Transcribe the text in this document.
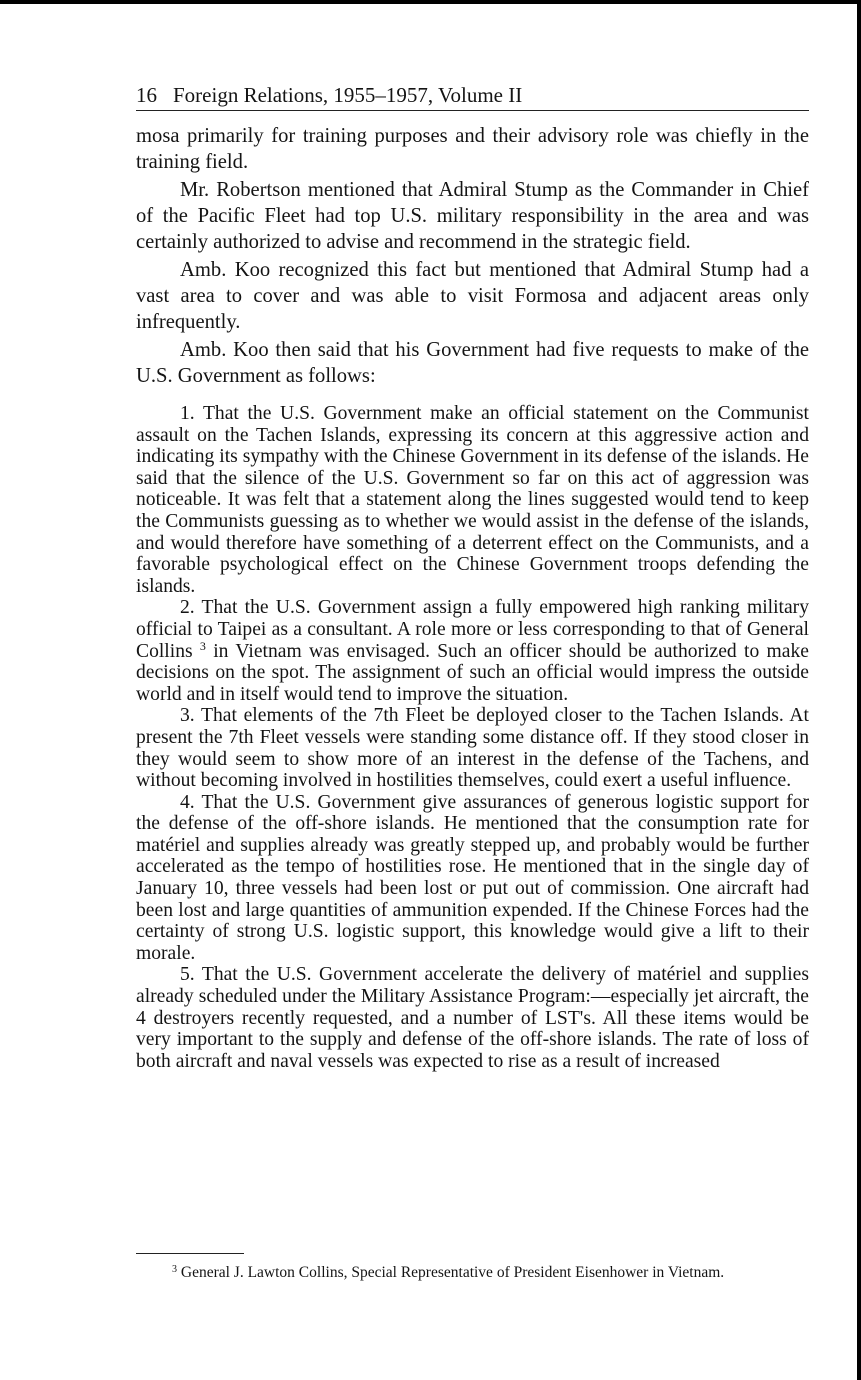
16 Foreign Relations, 1955–1957, Volume II

mosa primarily for training purposes and their advisory role was chiefly in the training field.

Mr. Robertson mentioned that Admiral Stump as the Commander in Chief of the Pacific Fleet had top U.S. military responsibility in the area and was certainly authorized to advise and recommend in the strategic field.

Amb. Koo recognized this fact but mentioned that Admiral Stump had a vast area to cover and was able to visit Formosa and adjacent areas only infrequently.

Amb. Koo then said that his Government had five requests to make of the U.S. Government as follows:

1. That the U.S. Government make an official statement on the Communist assault on the Tachen Islands, expressing its concern at this aggressive action and indicating its sympathy with the Chinese Government in its defense of the islands. He said that the silence of the U.S. Government so far on this act of aggression was noticeable. It was felt that a statement along the lines suggested would tend to keep the Communists guessing as to whether we would assist in the defense of the islands, and would therefore have something of a deterrent effect on the Communists, and a favorable psychological effect on the Chinese Government troops defending the islands.

2. That the U.S. Government assign a fully empowered high ranking military official to Taipei as a consultant. A role more or less corresponding to that of General Collins $^3$ in Vietnam was envisaged. Such an officer should be authorized to make decisions on the spot. The assignment of such an official would impress the outside world and in itself would tend to improve the situation.

3. That elements of the 7th Fleet be deployed closer to the Tachen Islands. At present the 7th Fleet vessels were standing some distance off. If they stood closer in they would seem to show more of an interest in the defense of the Tachens, and without becoming involved in hostilities themselves, could exert a useful influence.

4. That the U.S. Government give assurances of generous logistic support for the defense of the off-shore islands. He mentioned that the consumption rate for matériel and supplies already was greatly stepped up, and probably would be further accelerated as the tempo of hostilities rose. He mentioned that in the single day of January 10, three vessels had been lost or put out of commission. One aircraft had been lost and large quantities of ammunition expended. If the Chinese Forces had the certainty of strong U.S. logistic support, this knowledge would give a lift to their morale.

5. That the U.S. Government accelerate the delivery of matériel and supplies already scheduled under the Military Assistance Program:—especially jet aircraft, the 4 destroyers recently requested, and a number of LST's. All these items would be very important to the supply and defense of the off-shore islands. The rate of loss of both aircraft and naval vessels was expected to rise as a result of increased

$^3$ General J. Lawton Collins, Special Representative of President Eisenhower in Vietnam.
